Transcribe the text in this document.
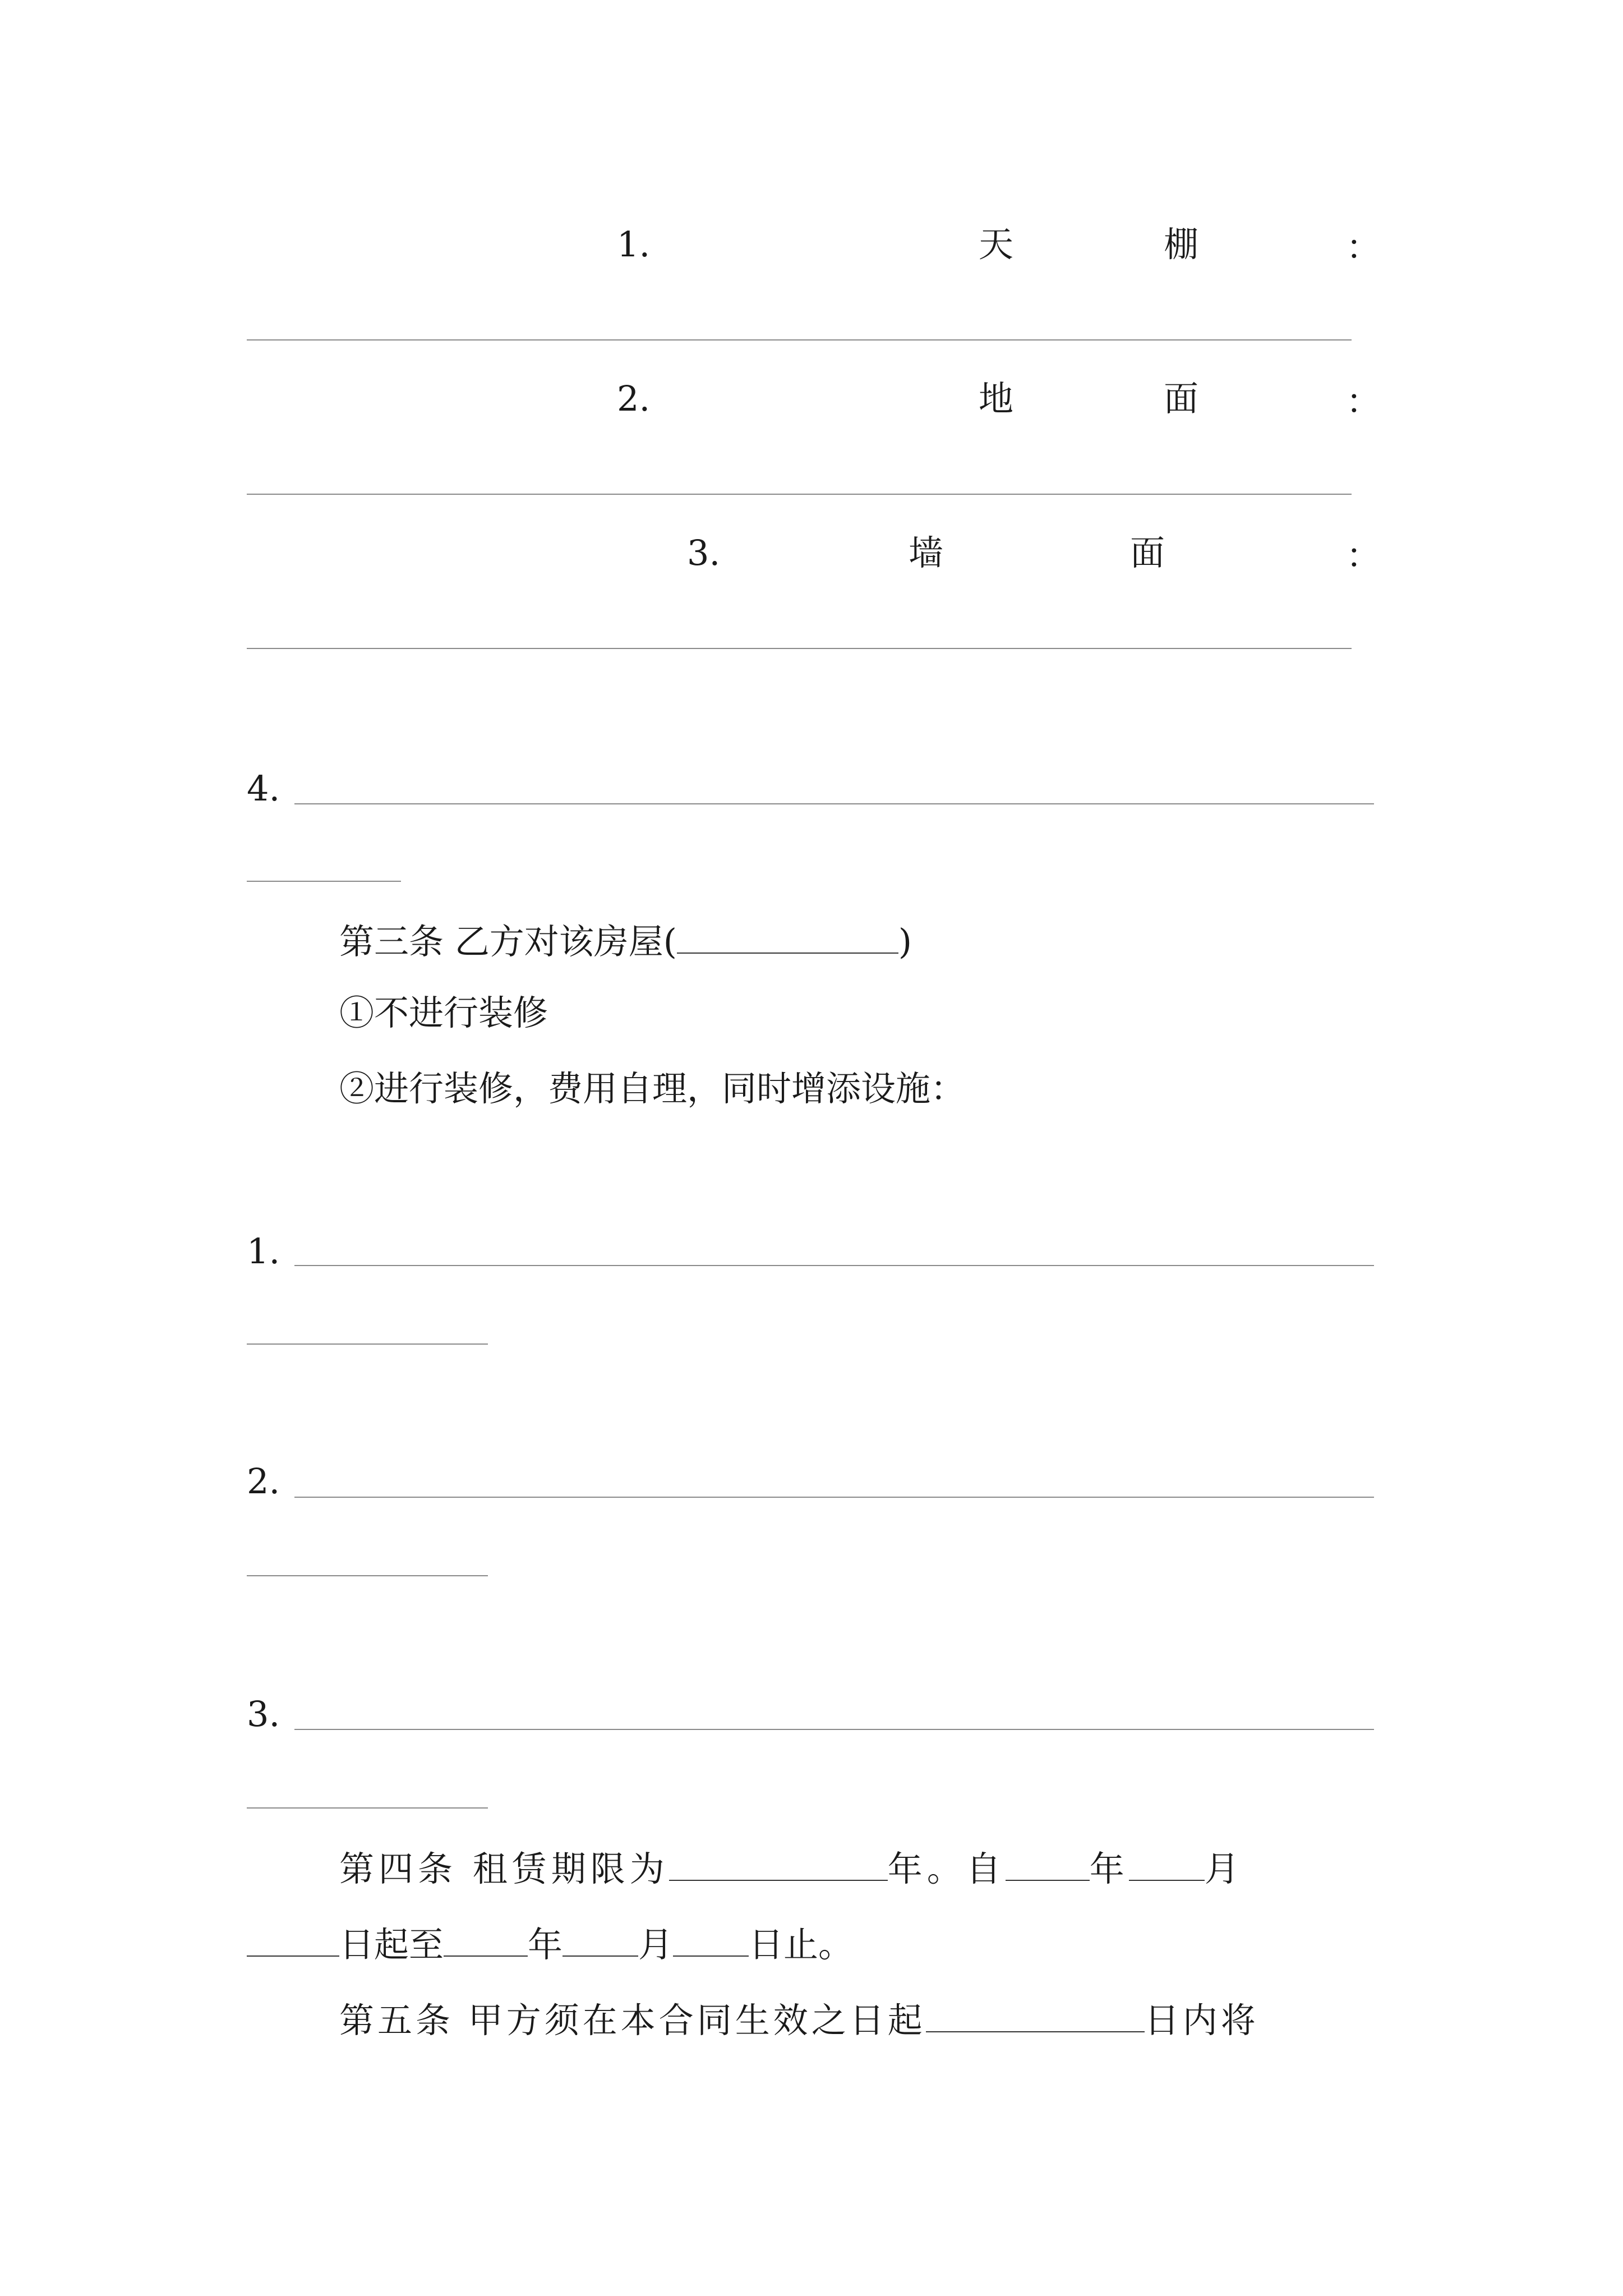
1.	天	棚	：
2.	地	面	：
3.	墙	面	：
4.
第三条 乙方对该房屋(	)
①不进行装修
②进行装修，费用自理，同时增添设施：
1.
2.
3.
第四条 租赁期限为	年。自 年 月
日起至 年 月 日止。
第五条 甲方须在本合同生效之日起	日内将
